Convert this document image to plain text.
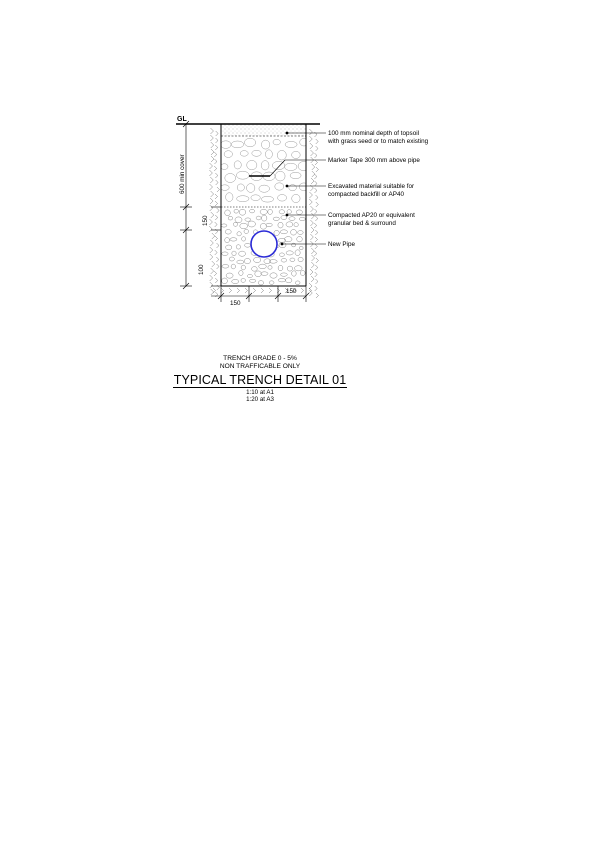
GL
600 min cover
150
100
150
150
100 mm nominal depth of topsoil
with grass seed or to match existing
Marker Tape 300 mm above pipe
Excavated material suitable for
compacted backfill or AP40
Compacted AP20 or equivalent
granular bed & surround
New Pipe
TRENCH GRADE 0 - 5%
NON TRAFFICABLE ONLY
TYPICAL TRENCH DETAIL 01
1:10 at A1
1:20 at A3
